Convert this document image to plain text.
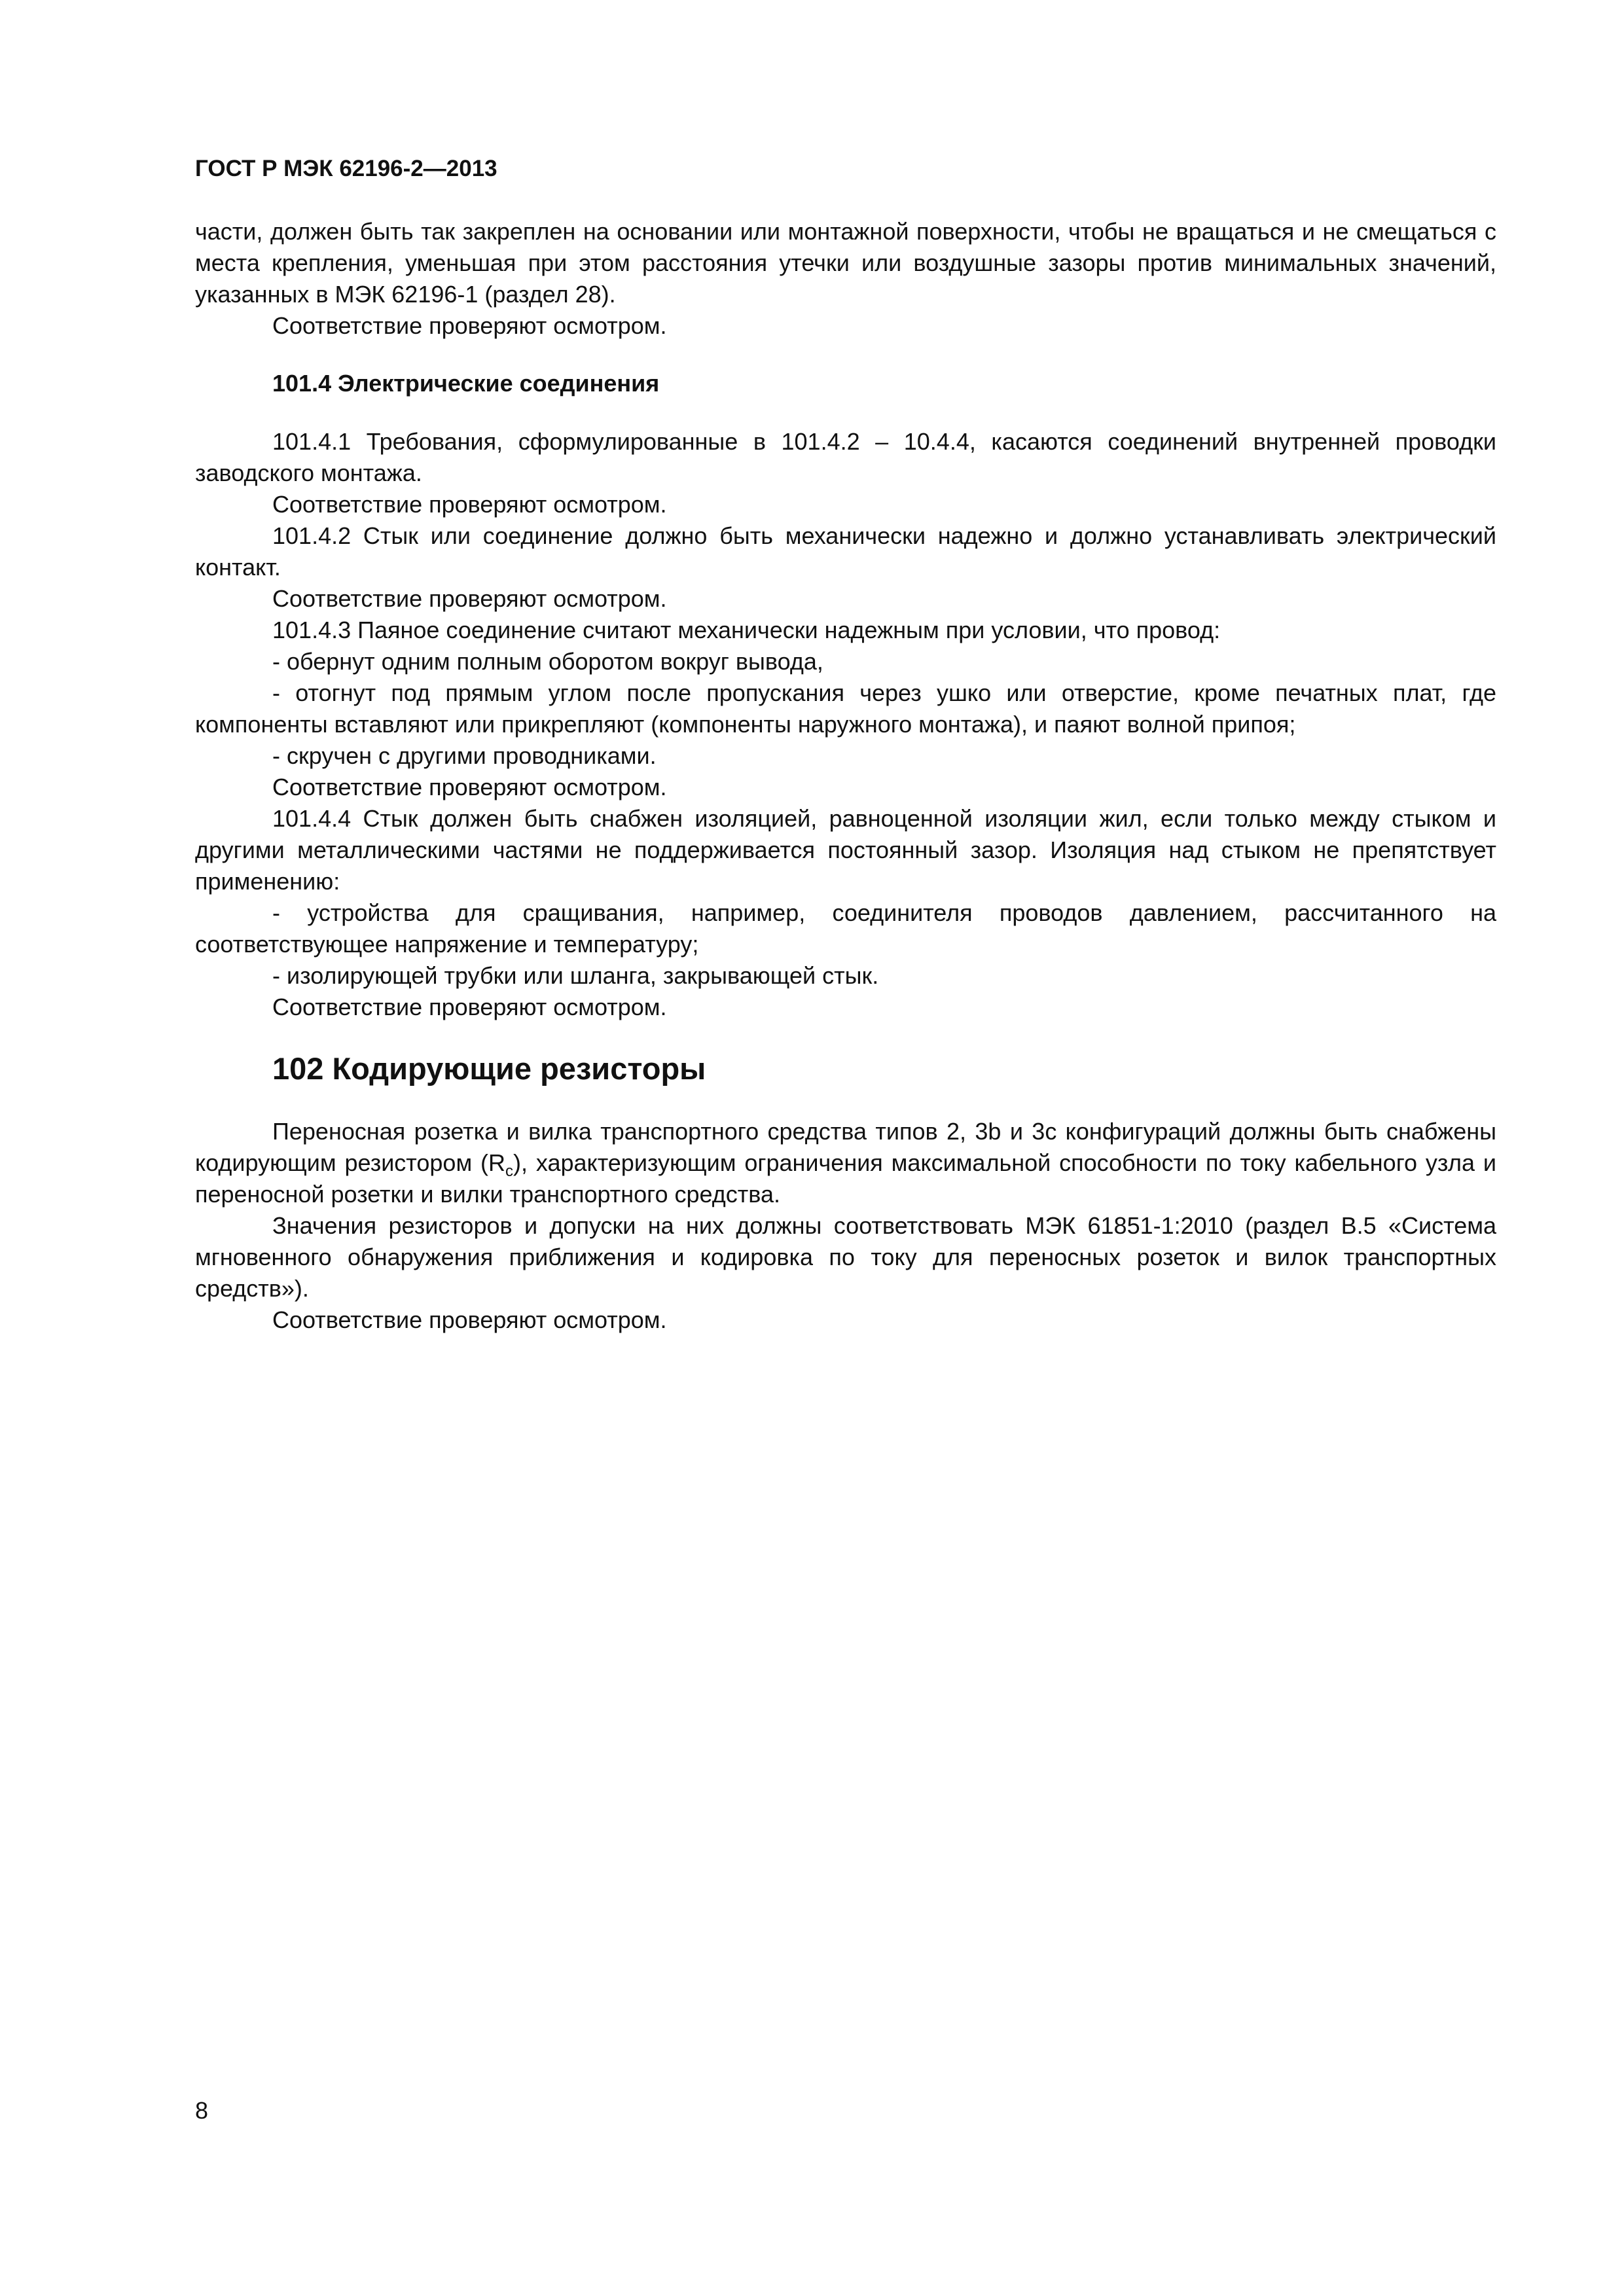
ГОСТ Р МЭК 62196-2—2013

части, должен быть так закреплен на основании или монтажной поверхности, чтобы не вращаться и не смещаться с места крепления, уменьшая при этом расстояния утечки или воздушные зазоры против минимальных значений, указанных в МЭК 62196-1 (раздел 28).

Соответствие проверяют осмотром.

101.4 Электрические соединения

101.4.1 Требования, сформулированные в 101.4.2 – 10.4.4, касаются соединений внутренней проводки заводского монтажа.

Соответствие проверяют осмотром.

101.4.2 Стык или соединение должно быть механически надежно и должно устанавливать электрический контакт.

Соответствие проверяют осмотром.

101.4.3 Паяное соединение считают механически надежным при условии, что провод:

- обернут одним полным оборотом вокруг вывода,

- отогнут под прямым углом после пропускания через ушко или отверстие, кроме печатных плат, где компоненты вставляют или прикрепляют (компоненты наружного монтажа), и паяют волной припоя;

- скручен с другими проводниками.

Соответствие проверяют осмотром.

101.4.4 Стык должен быть снабжен изоляцией, равноценной изоляции жил, если только между стыком и другими металлическими частями не поддерживается постоянный зазор. Изоляция над стыком не препятствует применению:

- устройства для сращивания, например, соединителя проводов давлением, рассчитанного на соответствующее напряжение и температуру;

- изолирующей трубки или шланга, закрывающей стык.

Соответствие проверяют осмотром.

102 Кодирующие резисторы

Переносная розетка и вилка транспортного средства типов 2, 3b и 3c конфигураций должны быть снабжены кодирующим резистором $(R_c)$, характеризующим ограничения максимальной способности по току кабельного узла и переносной розетки и вилки транспортного средства.

Значения резисторов и допуски на них должны соответствовать МЭК 61851-1:2010 (раздел B.5 «Система мгновенного обнаружения приближения и кодировка по току для переносных розеток и вилок транспортных средств»).

Соответствие проверяют осмотром.

8
